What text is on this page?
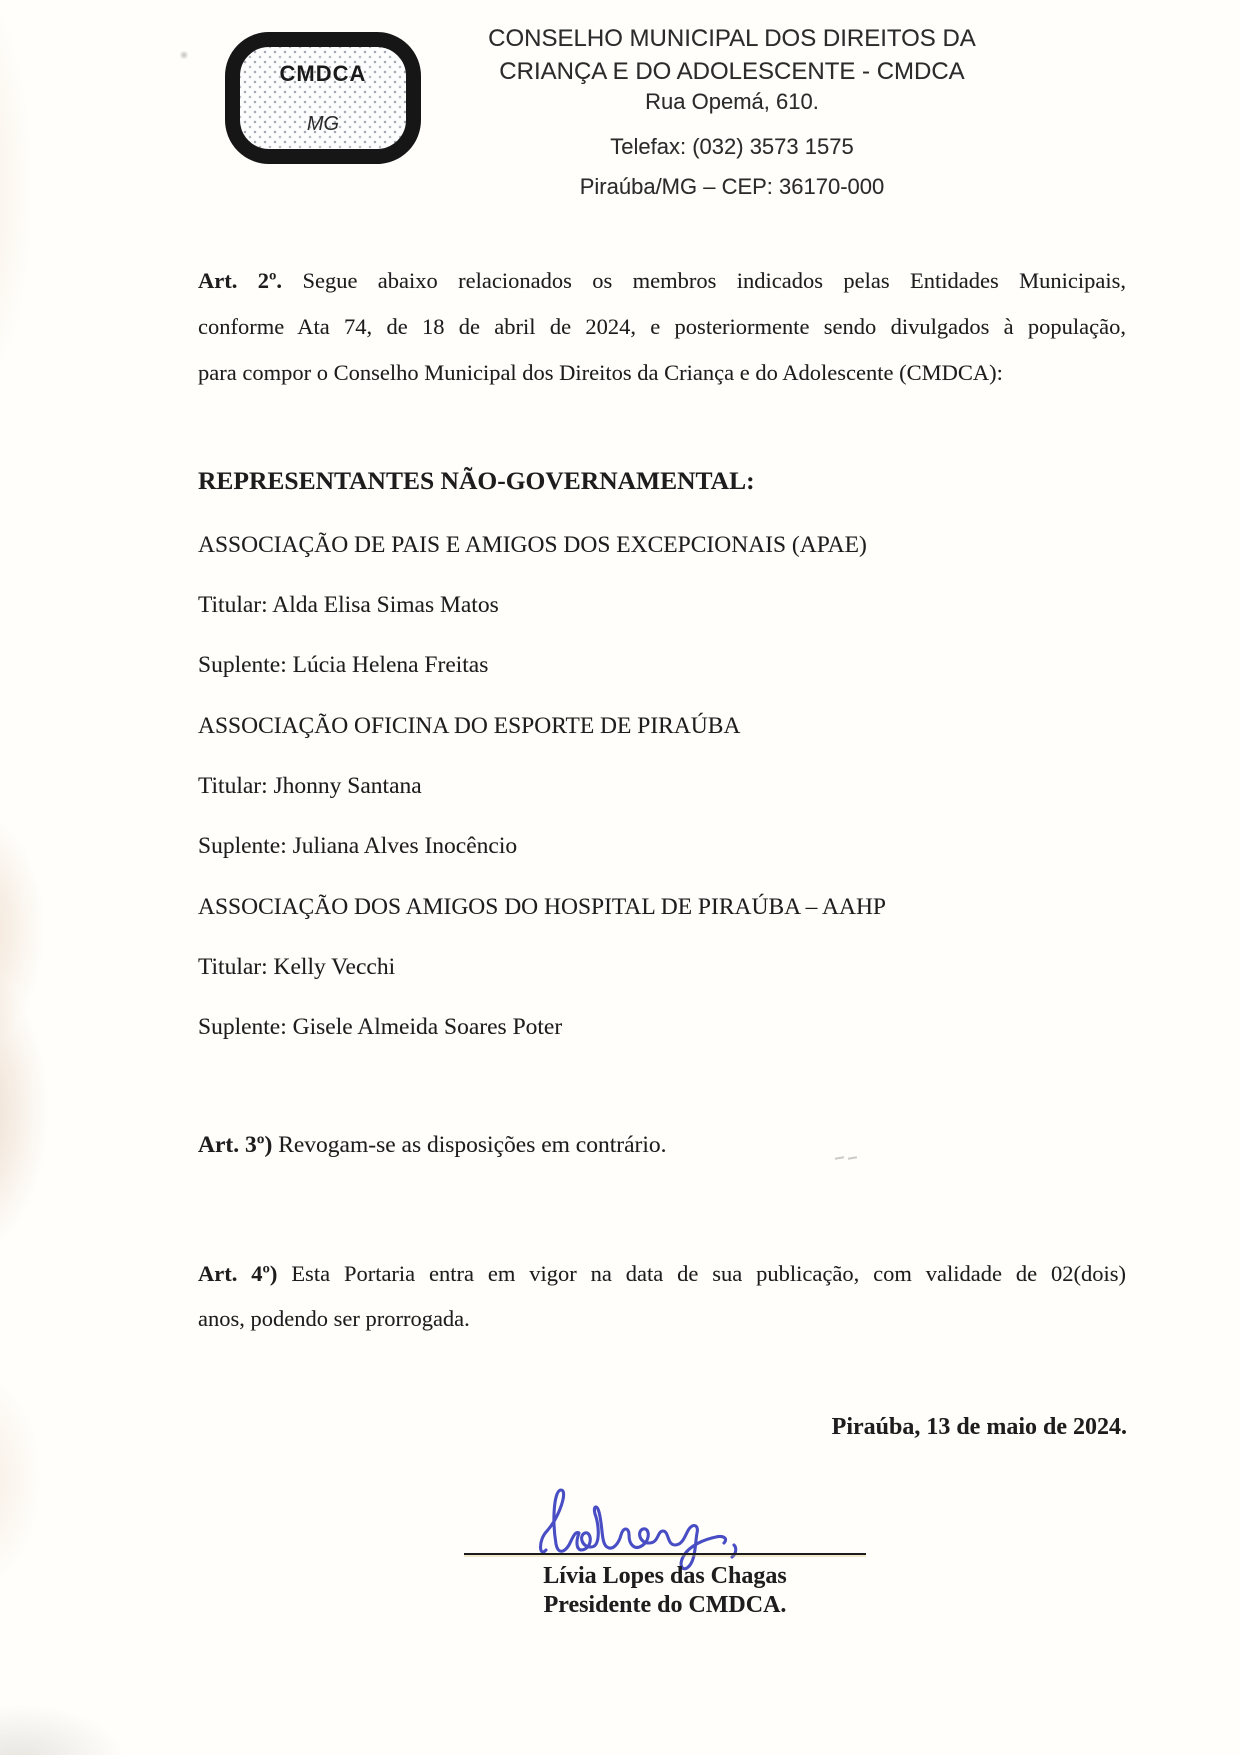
CMDCA
MG
CONSELHO MUNICIPAL DOS DIREITOS DA
CRIANÇA E DO ADOLESCENTE - CMDCA
Rua Opemá, 610.
Telefax: (032) 3573 1575
Piraúba/MG – CEP: 36170-000
Art. 2º. Segue abaixo relacionados os membros indicados pelas Entidades Municipais,
conforme Ata 74, de 18 de abril de 2024, e posteriormente sendo divulgados à população,
para compor o Conselho Municipal dos Direitos da Criança e do Adolescente (CMDCA):
REPRESENTANTES NÃO-GOVERNAMENTAL:
ASSOCIAÇÃO DE PAIS E AMIGOS DOS EXCEPCIONAIS (APAE)
Titular: Alda Elisa Simas Matos
Suplente: Lúcia Helena Freitas
ASSOCIAÇÃO OFICINA DO ESPORTE DE PIRAÚBA
Titular: Jhonny Santana
Suplente: Juliana Alves Inocêncio
ASSOCIAÇÃO DOS AMIGOS DO HOSPITAL DE PIRAÚBA – AAHP
Titular: Kelly Vecchi
Suplente: Gisele Almeida Soares Poter
Art. 3º) Revogam-se as disposições em contrário.
Art. 4º) Esta Portaria entra em vigor na data de sua publicação, com validade de 02(dois)
anos, podendo ser prorrogada.
Piraúba, 13 de maio de 2024.
Lívia Lopes das Chagas
Presidente do CMDCA.
